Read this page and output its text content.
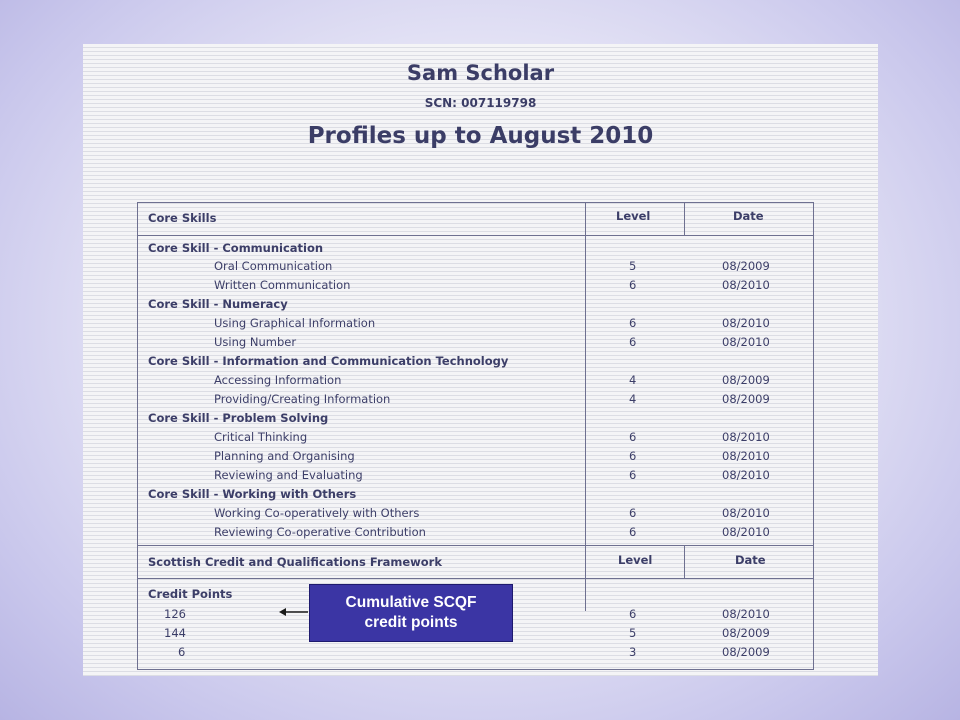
Sam Scholar
SCN: 007119798
Profiles up to August 2010
Core Skills	Level	Date
Core Skill - Communication
Oral Communication	5	08/2009
Written Communication	6	08/2010
Core Skill - Numeracy
Using Graphical Information	6	08/2010
Using Number	6	08/2010
Core Skill - Information and Communication Technology
Accessing Information	4	08/2009
Providing/Creating Information	4	08/2009
Core Skill - Problem Solving
Critical Thinking	6	08/2010
Planning and Organising	6	08/2010
Reviewing and Evaluating	6	08/2010
Core Skill - Working with Others
Working Co-operatively with Others	6	08/2010
Reviewing Co-operative Contribution	6	08/2010
Scottish Credit and Qualifications Framework	Level	Date
Credit Points
126	6	08/2010
144	5	08/2009
6	3	08/2009
Cumulative SCQF
credit points
